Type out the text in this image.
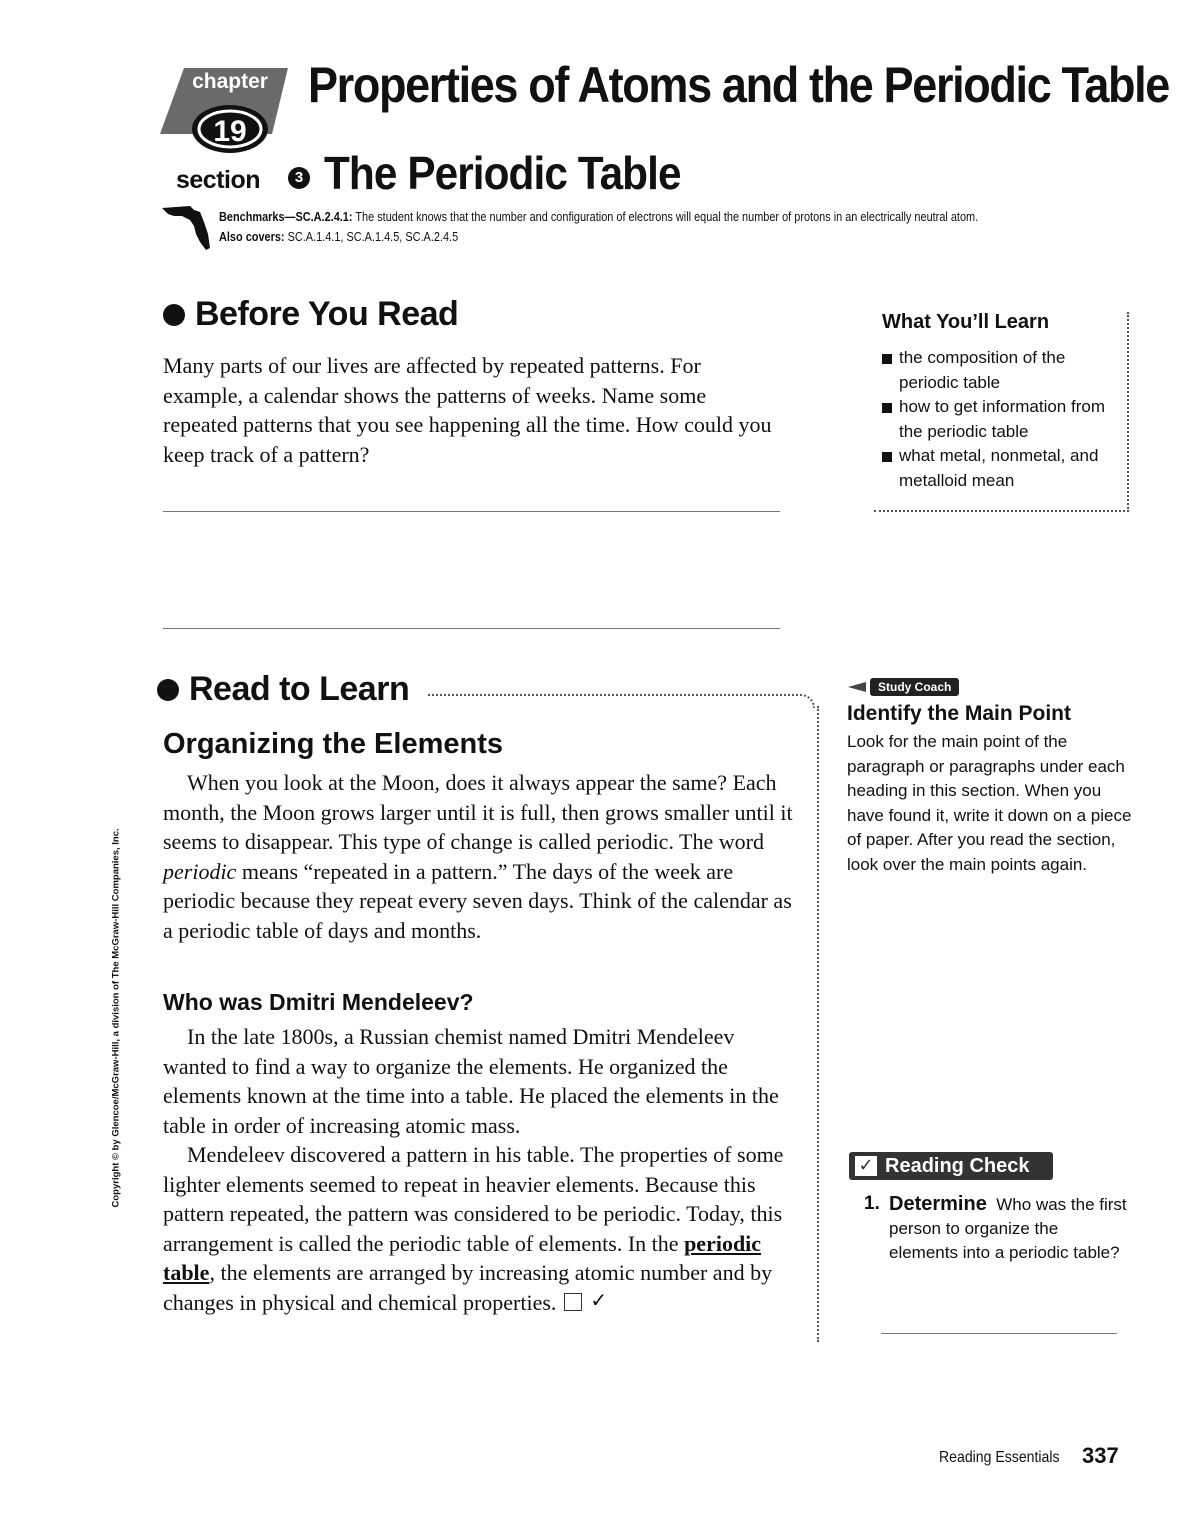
chapter
19
Properties of Atoms and the Periodic Table
section	3 The Periodic Table
Benchmarks—SC.A.2.4.1: The student knows that the number and configuration of electrons will equal the number of protons in an electrically neutral atom.
Also covers: SC.A.1.4.1, SC.A.1.4.5, SC.A.2.4.5
Before You Read
Many parts of our lives are affected by repeated patterns. For example, a calendar shows the patterns of weeks. Name some repeated patterns that you see happening all the time. How could you keep track of a pattern?
What You’ll Learn
the composition of the periodic table
how to get information from the periodic table
what metal, nonmetal, and metalloid mean
Read to Learn
Organizing the Elements

When you look at the Moon, does it always appear the same? Each month, the Moon grows larger until it is full, then grows smaller until it seems to disappear. This type of change is called periodic. The word periodic means “repeated in a pattern.” The days of the week are periodic because they repeat every seven days. Think of the calendar as a periodic table of days and months.

Who was Dmitri Mendeleev?

In the late 1800s, a Russian chemist named Dmitri Mendeleev wanted to find a way to organize the elements. He organized the elements known at the time into a table. He placed the elements in the table in order of increasing atomic mass.

Mendeleev discovered a pattern in his table. The properties of some lighter elements seemed to repeat in heavier elements. Because this pattern repeated, the pattern was considered to be periodic. Today, this arrangement is called the periodic table of elements. In the periodic table, the elements are arranged by increasing atomic number and by changes in physical and chemical properties.✓

Study Coach
Identify the Main Point
Look for the main point of the paragraph or paragraphs under each heading in this section. When you have found it, write it down on a piece of paper. After you read the section, look over the main points again.
✓ Reading Check
1. Determine Who was the first person to organize the elements into a periodic table?
Copyright © by Glencoe/McGraw-Hill, a division of The McGraw-Hill Companies, Inc.
Reading Essentials 337
